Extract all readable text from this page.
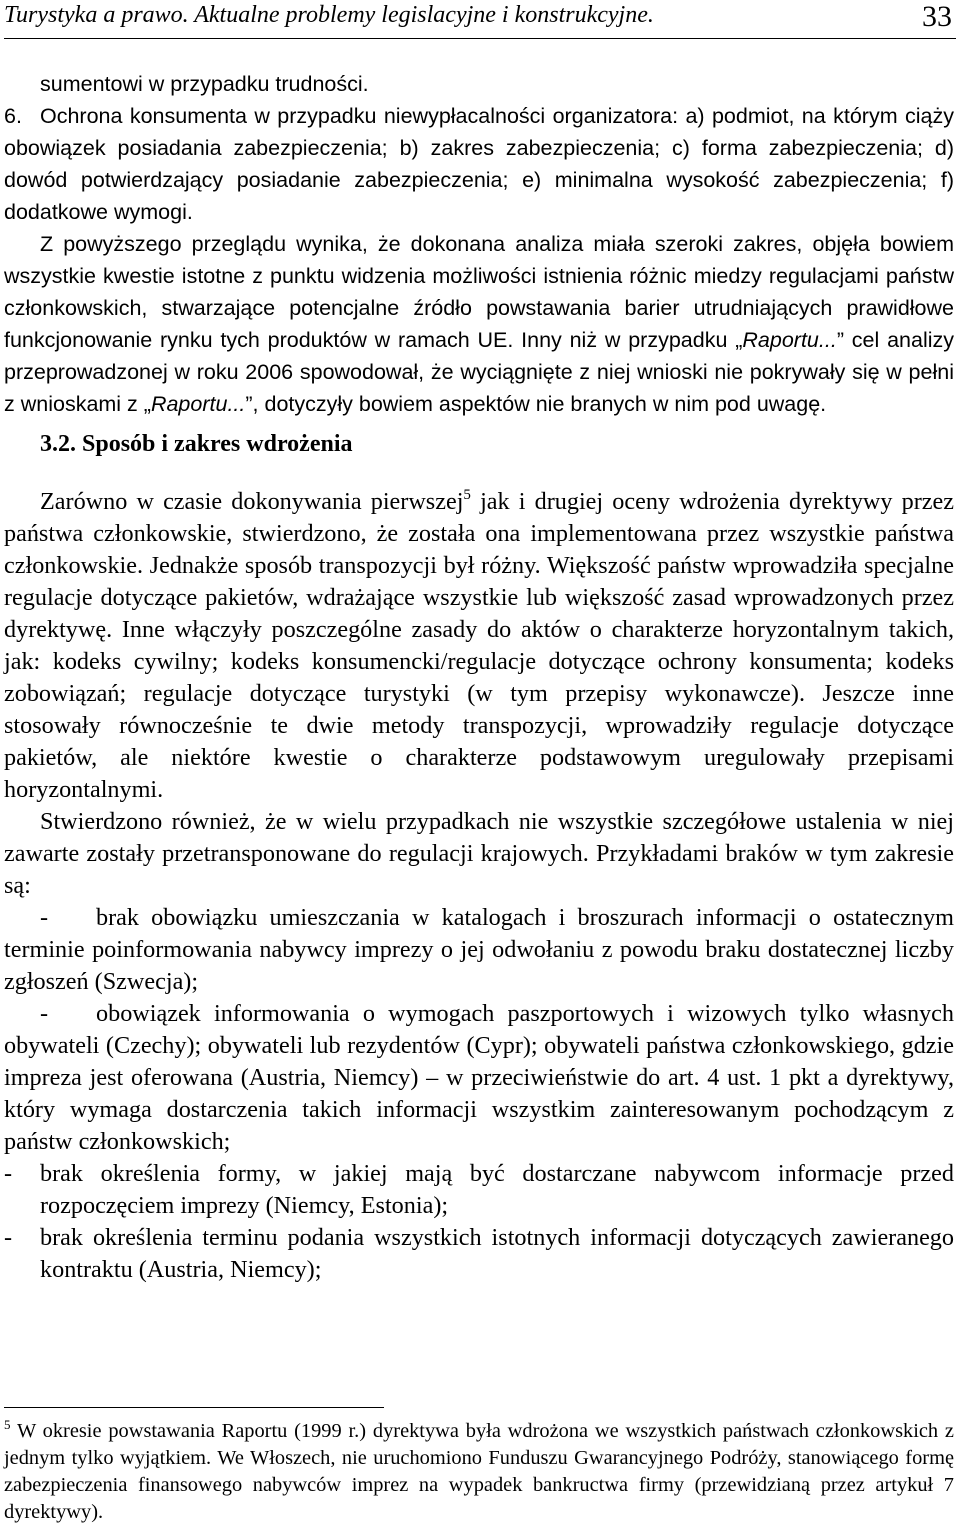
Turystyka a prawo. Aktualne problemy legislacyjne i konstrukcyjne.	33

sumentowi w przypadku trudności.

6. Ochrona konsumenta w przypadku niewypłacalności organizatora: a) podmiot, na którym ciąży obowiązek posiadania zabezpieczenia; b) zakres zabezpieczenia; c) forma zabezpieczenia; d) dowód potwierdzający posiadanie zabezpieczenia; e) minimalna wysokość zabezpieczenia; f) dodatkowe wymogi.

Z powyższego przeglądu wynika, że dokonana analiza miała szeroki zakres, objęła bowiem wszystkie kwestie istotne z punktu widzenia możliwości istnienia różnic miedzy regulacjami państw członkowskich, stwarzające potencjalne źródło powstawania barier utrudniających prawidłowe funkcjonowanie rynku tych produktów w ramach UE. Inny niż w przypadku „Raportu...” cel analizy przeprowadzonej w roku 2006 spowodował, że wyciągnięte z niej wnioski nie pokrywały się w pełni z wnioskami z „Raportu...”, dotyczyły bowiem aspektów nie branych w nim pod uwagę.

3.2. Sposób i zakres wdrożenia

Zarówno w czasie dokonywania pierwszej$^5$ jak i drugiej oceny wdrożenia dyrektywy przez państwa członkowskie, stwierdzono, że została ona implementowana przez wszystkie państwa członkowskie. Jednakże sposób transpozycji był różny. Większość państw wprowadziła specjalne regulacje dotyczące pakietów, wdrażające wszystkie lub większość zasad wprowadzonych przez dyrektywę. Inne włączyły poszczególne zasady do aktów o charakterze horyzontalnym takich, jak: kodeks cywilny; kodeks konsumencki/regulacje dotyczące ochrony konsumenta; kodeks zobowiązań; regulacje dotyczące turystyki (w tym przepisy wykonawcze). Jeszcze inne stosowały równocześnie te dwie metody transpozycji, wprowadziły regulacje dotyczące pakietów, ale niektóre kwestie o charakterze podstawowym uregulowały przepisami horyzontalnymi.

Stwierdzono również, że w wielu przypadkach nie wszystkie szczegółowe ustalenia w niej zawarte zostały przetransponowane do regulacji krajowych. Przykładami braków w tym zakresie są:

- brak obowiązku umieszczania w katalogach i broszurach informacji o ostatecznym terminie poinformowania nabywcy imprezy o jej odwołaniu z powodu braku dostatecznej liczby zgłoszeń (Szwecja);

- obowiązek informowania o wymogach paszportowych i wizowych tylko własnych obywateli (Czechy); obywateli lub rezydentów (Cypr); obywateli państwa członkowskiego, gdzie impreza jest oferowana (Austria, Niemcy) – w przeciwieństwie do art. 4 ust. 1 pkt a dyrektywy, który wymaga dostarczenia takich informacji wszystkim zainteresowanym pochodzącym z państw członkowskich;

- brak określenia formy, w jakiej mają być dostarczane nabywcom informacje przed rozpoczęciem imprezy (Niemcy, Estonia);

- brak określenia terminu podania wszystkich istotnych informacji dotyczących zawieranego kontraktu (Austria, Niemcy);

$^5$ W okresie powstawania Raportu (1999 r.) dyrektywa była wdrożona we wszystkich państwach członkowskich z jednym tylko wyjątkiem. We Włoszech, nie uruchomiono Funduszu Gwarancyjnego Podróży, stanowiącego formę zabezpieczenia finansowego nabywców imprez na wypadek bankructwa firmy (przewidzianą przez artykuł 7 dyrektywy).
